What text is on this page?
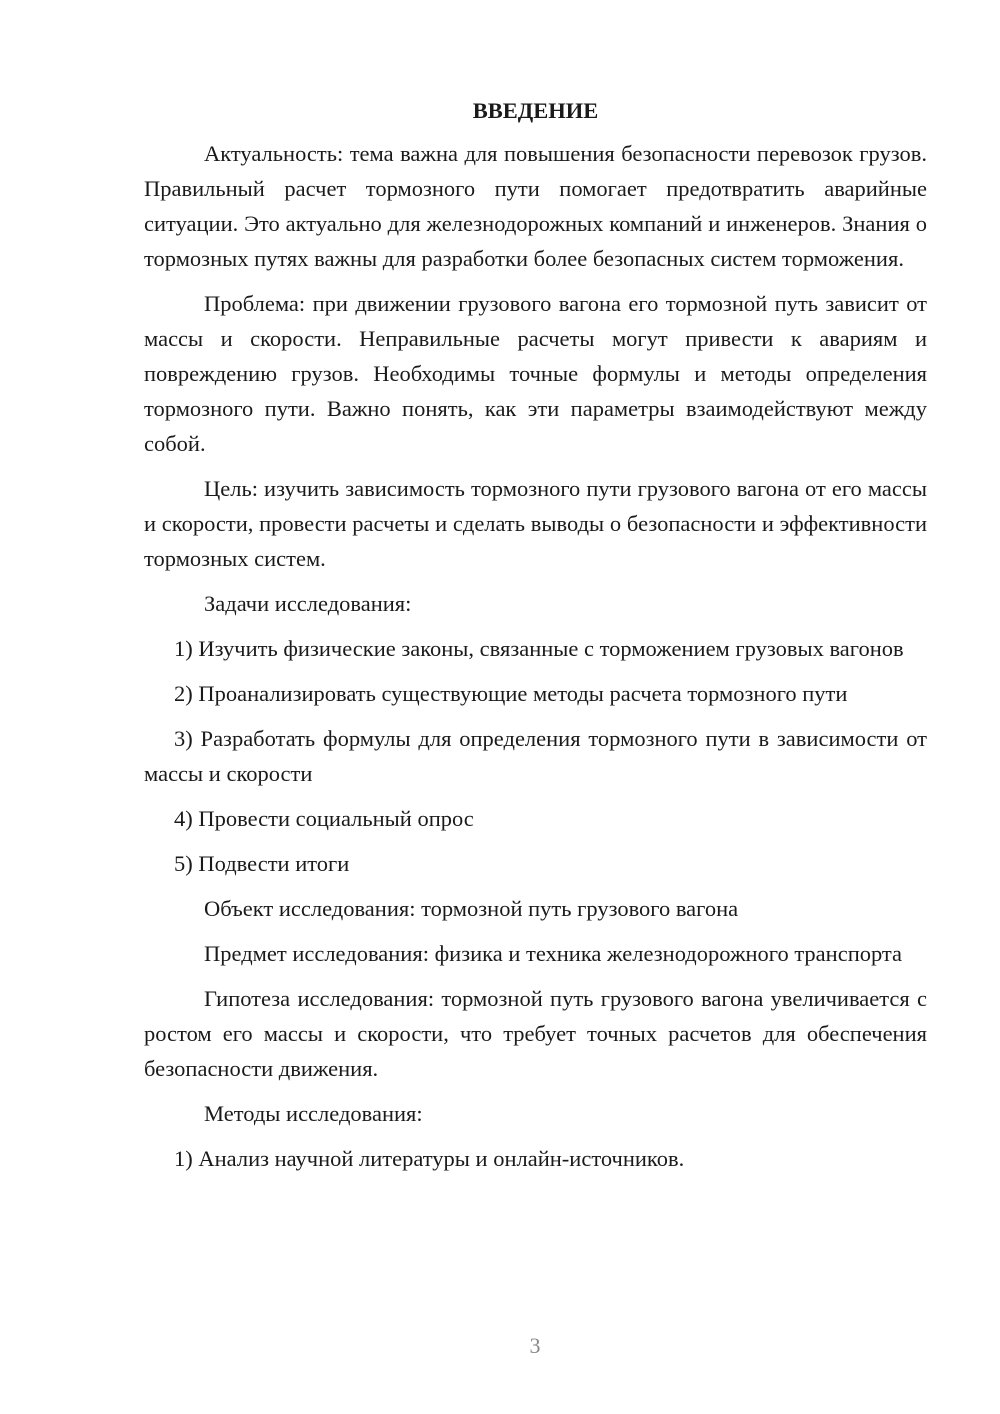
ВВЕДЕНИЕ
Актуальность: тема важна для повышения безопасности перевозок грузов. Правильный расчет тормозного пути помогает предотвратить аварийные ситуации. Это актуально для железнодорожных компаний и инженеров. Знания о тормозных путях важны для разработки более безопасных систем торможения.
Проблема: при движении грузового вагона его тормозной путь зависит от массы и скорости. Неправильные расчеты могут привести к авариям и повреждению грузов. Необходимы точные формулы и методы определения тормозного пути. Важно понять, как эти параметры взаимодействуют между собой.
Цель: изучить зависимость тормозного пути грузового вагона от его массы и скорости, провести расчеты и сделать выводы о безопасности и эффективности тормозных систем.
Задачи исследования:
1) Изучить физические законы, связанные с торможением грузовых вагонов
2) Проанализировать существующие методы расчета тормозного пути
3) Разработать формулы для определения тормозного пути в зависимости от массы и скорости
4) Провести социальный опрос
5) Подвести итоги
Объект исследования: тормозной путь грузового вагона
Предмет исследования: физика и техника железнодорожного транспорта
Гипотеза исследования: тормозной путь грузового вагона увеличивается с ростом его массы и скорости, что требует точных расчетов для обеспечения безопасности движения.
Методы исследования:
1) Анализ научной литературы и онлайн-источников.
3
